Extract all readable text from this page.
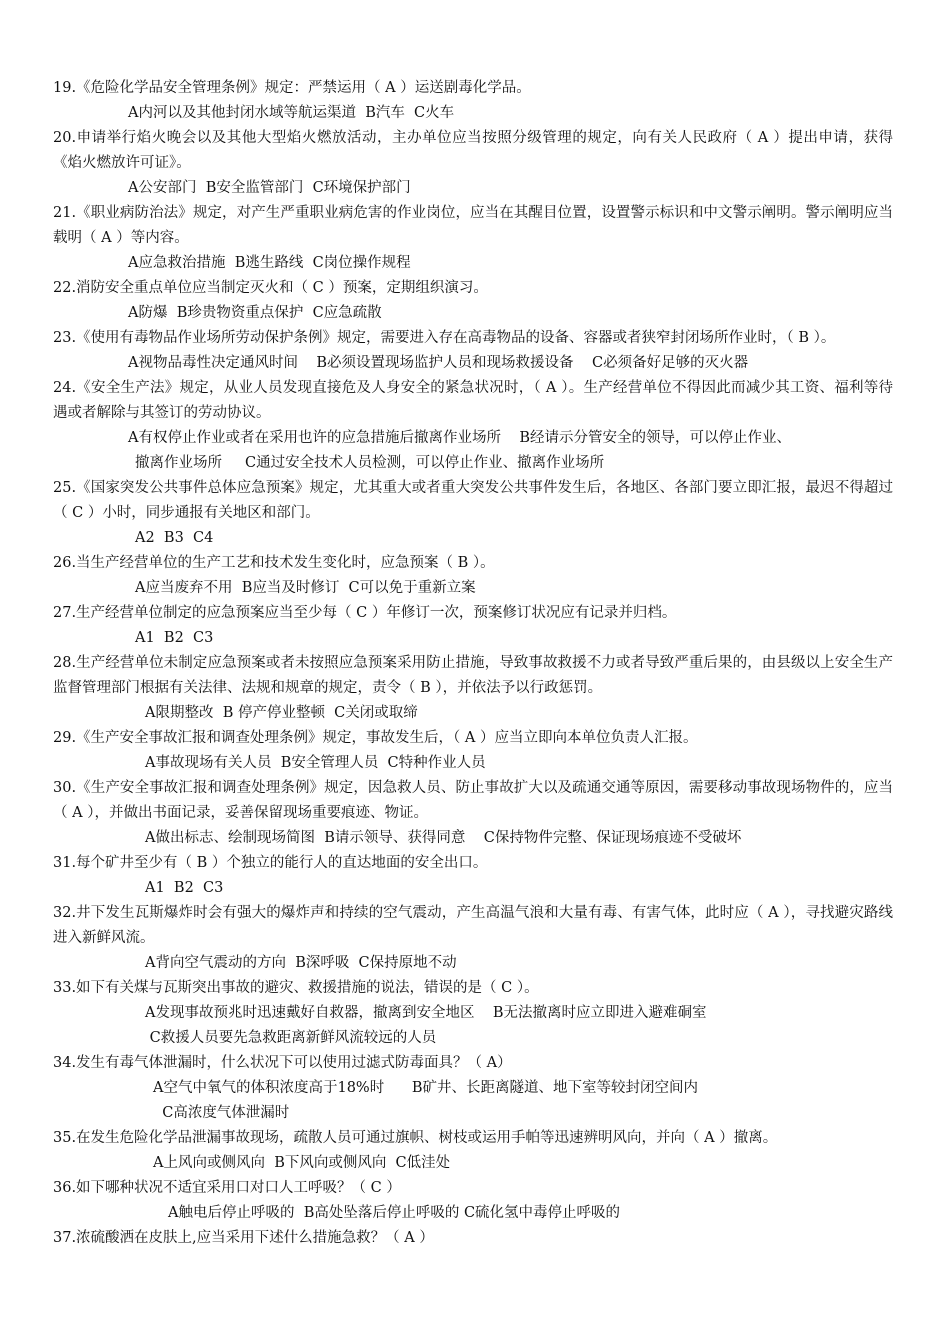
19.《危险化学品安全管理条例》规定：严禁运用（ A ）运送剧毒化学品。
A内河以及其他封闭水域等航运渠道  B汽车  C火车
20.申请举行焰火晚会以及其他大型焰火燃放活动，主办单位应当按照分级管理的规定，向有关人民政府（ A ）提出申请，获得《焰火燃放许可证》。
A公安部门  B安全监管部门  C环境保护部门
21.《职业病防治法》规定，对产生严重职业病危害的作业岗位，应当在其醒目位置，设置警示标识和中文警示阐明。警示阐明应当载明（ A ）等内容。
A应急救治措施  B逃生路线  C岗位操作规程
22.消防安全重点单位应当制定灭火和（ C ）预案，定期组织演习。
A防爆  B珍贵物资重点保护  C应急疏散
23.《使用有毒物品作业场所劳动保护条例》规定，需要进入存在高毒物品的设备、容器或者狭窄封闭场所作业时，（ B ）。
A视物品毒性决定通风时间    B必须设置现场监护人员和现场救援设备    C必须备好足够的灭火器
24.《安全生产法》规定，从业人员发现直接危及人身安全的紧急状况时，（ A ）。生产经营单位不得因此而减少其工资、福利等待遇或者解除与其签订的劳动协议。
A有权停止作业或者在采用也许的应急措施后撤离作业场所    B经请示分管安全的领导，可以停止作业、
撤离作业场所     C通过安全技术人员检测，可以停止作业、撤离作业场所
25.《国家突发公共事件总体应急预案》规定，尤其重大或者重大突发公共事件发生后，各地区、各部门要立即汇报，最迟不得超过（ C ）小时，同步通报有关地区和部门。
A2  B3  C4
26.当生产经营单位的生产工艺和技术发生变化时，应急预案（ B ）。
A应当废弃不用  B应当及时修订  C可以免于重新立案
27.生产经营单位制定的应急预案应当至少每（ C ）年修订一次，预案修订状况应有记录并归档。
A1  B2  C3
28.生产经营单位未制定应急预案或者未按照应急预案采用防止措施，导致事故救援不力或者导致严重后果的，由县级以上安全生产监督管理部门根据有关法律、法规和规章的规定，责令（ B ），并依法予以行政惩罚。
A限期整改  B 停产停业整顿  C关闭或取缔
29.《生产安全事故汇报和调查处理条例》规定，事故发生后，（ A ）应当立即向本单位负责人汇报。
A事故现场有关人员  B安全管理人员  C特种作业人员
30.《生产安全事故汇报和调查处理条例》规定，因急救人员、防止事故扩大以及疏通交通等原因，需要移动事故现场物件的，应当（ A ），并做出书面记录，妥善保留现场重要痕迹、物证。
A做出标志、绘制现场简图  B请示领导、获得同意    C保持物件完整、保证现场痕迹不受破坏
31.每个矿井至少有（ B ）个独立的能行人的直达地面的安全出口。
A1  B2  C3
32.井下发生瓦斯爆炸时会有强大的爆炸声和持续的空气震动，产生高温气浪和大量有毒、有害气体，此时应（ A ），寻找避灾路线进入新鲜风流。
A背向空气震动的方向  B深呼吸  C保持原地不动
33.如下有关煤与瓦斯突出事故的避灾、救援措施的说法，错误的是（ C ）。
A发现事故预兆时迅速戴好自救器，撤离到安全地区    B无法撤离时应立即进入避难硐室
C救援人员要先急救距离新鲜风流较远的人员
34.发生有毒气体泄漏时，什么状况下可以使用过滤式防毒面具？（ A）
A空气中氧气的体积浓度高于18%时      B矿井、长距离隧道、地下室等较封闭空间内
C高浓度气体泄漏时
35.在发生危险化学品泄漏事故现场，疏散人员可通过旗帜、树枝或运用手帕等迅速辨明风向，并向（ A ）撤离。
A上风向或侧风向  B下风向或侧风向  C低洼处
36.如下哪种状况不适宜采用口对口人工呼吸？（ C ）
A触电后停止呼吸的  B高处坠落后停止呼吸的 C硫化氢中毒停止呼吸的
37.浓硫酸洒在皮肤上,应当采用下述什么措施急救？（ A ）
